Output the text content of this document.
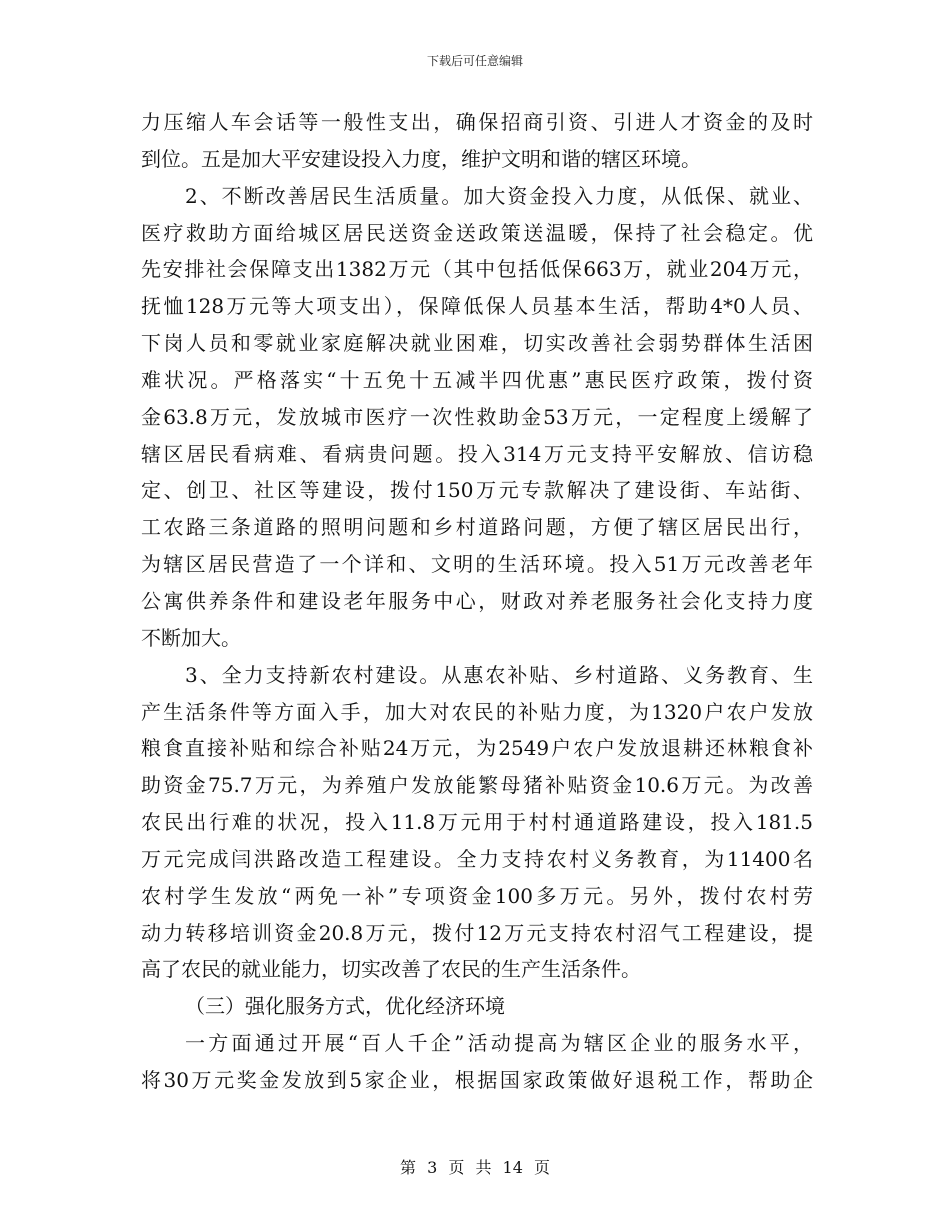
下载后可任意编辑
力压缩人车会话等一般性支出，确保招商引资、引进人才资金的及时
到位。五是加大平安建设投入力度，维护文明和谐的辖区环境。
2、不断改善居民生活质量。加大资金投入力度，从低保、就业、
医疗救助方面给城区居民送资金送政策送温暖，保持了社会稳定。优
先安排社会保障支出1382万元（其中包括低保663万，就业204万元，
抚恤128万元等大项支出），保障低保人员基本生活，帮助4*0人员、
下岗人员和零就业家庭解决就业困难，切实改善社会弱势群体生活困
难状况。严格落实“十五免十五减半四优惠”惠民医疗政策，拨付资
金63.8万元，发放城市医疗一次性救助金53万元，一定程度上缓解了
辖区居民看病难、看病贵问题。投入314万元支持平安解放、信访稳
定、创卫、社区等建设，拨付150万元专款解决了建设街、车站街、
工农路三条道路的照明问题和乡村道路问题，方便了辖区居民出行，
为辖区居民营造了一个详和、文明的生活环境。投入51万元改善老年
公寓供养条件和建设老年服务中心，财政对养老服务社会化支持力度
不断加大。
3、全力支持新农村建设。从惠农补贴、乡村道路、义务教育、生
产生活条件等方面入手，加大对农民的补贴力度，为1320户农户发放
粮食直接补贴和综合补贴24万元，为2549户农户发放退耕还林粮食补
助资金75.7万元，为养殖户发放能繁母猪补贴资金10.6万元。为改善
农民出行难的状况，投入11.8万元用于村村通道路建设，投入181.5
万元完成闫洪路改造工程建设。全力支持农村义务教育，为11400名
农村学生发放“两免一补”专项资金100多万元。另外，拨付农村劳
动力转移培训资金20.8万元，拨付12万元支持农村沼气工程建设，提
高了农民的就业能力，切实改善了农民的生产生活条件。
（三）强化服务方式，优化经济环境
一方面通过开展“百人千企”活动提高为辖区企业的服务水平，
将30万元奖金发放到5家企业，根据国家政策做好退税工作，帮助企
第 3 页 共 14 页
